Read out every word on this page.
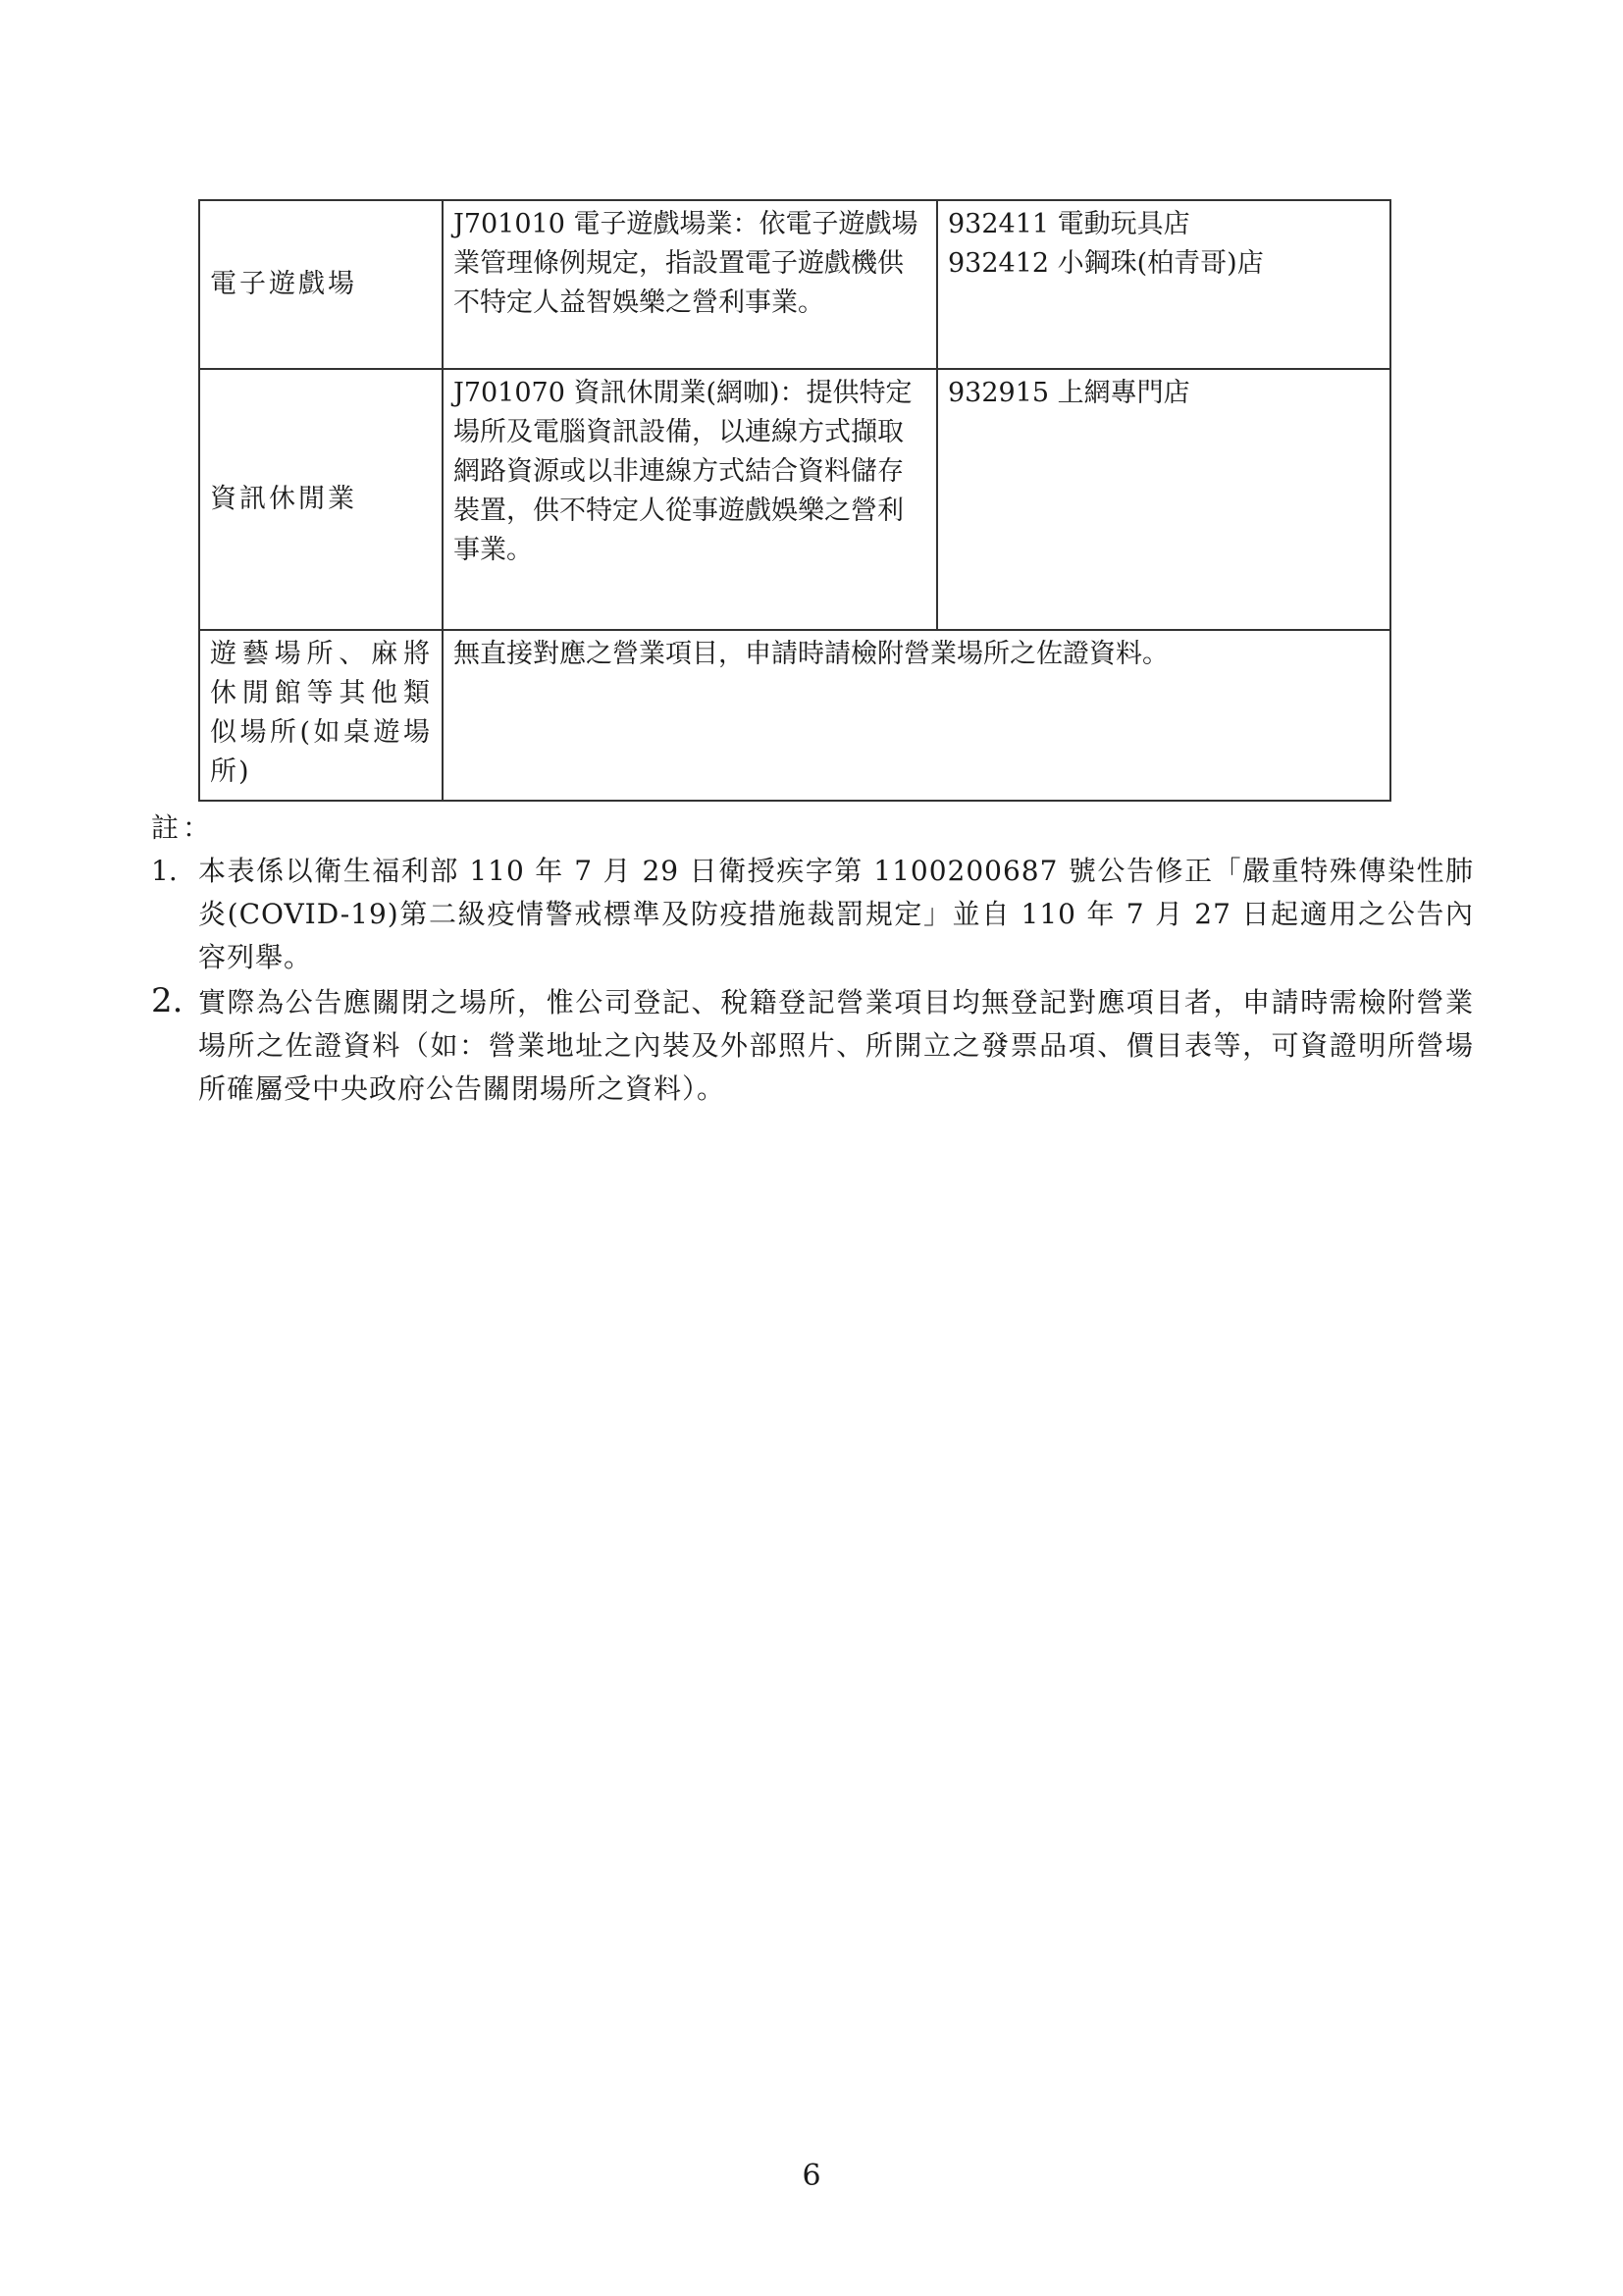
電子遊戲場	J701010 電子遊戲場業：依電子遊戲場業管理條例規定，指設置電子遊戲機供不特定人益智娛樂之營利事業。	932411 電動玩具店
932412 小鋼珠(柏青哥)店

資訊休閒業	J701070 資訊休閒業(網咖)：提供特定場所及電腦資訊設備，以連線方式擷取網路資源或以非連線方式結合資料儲存裝置，供不特定人從事遊戲娛樂之營利事業。	932915 上網專門店

遊藝場所、麻將休閒館等其他類似場所(如桌遊場所)	無直接對應之營業項目，申請時請檢附營業場所之佐證資料。	
註：
1. 本表係以衛生福利部 110 年 7 月 29 日衛授疾字第 1100200687 號公告修正「嚴重特殊傳染性肺炎(COVID-19)第二級疫情警戒標準及防疫措施裁罰規定」並自 110 年 7 月 27 日起適用之公告內容列舉。
2. 實際為公告應關閉之場所，惟公司登記、稅籍登記營業項目均無登記對應項目者，申請時需檢附營業場所之佐證資料（如：營業地址之內裝及外部照片、所開立之發票品項、價目表等，可資證明所營場所確屬受中央政府公告關閉場所之資料）。
6
